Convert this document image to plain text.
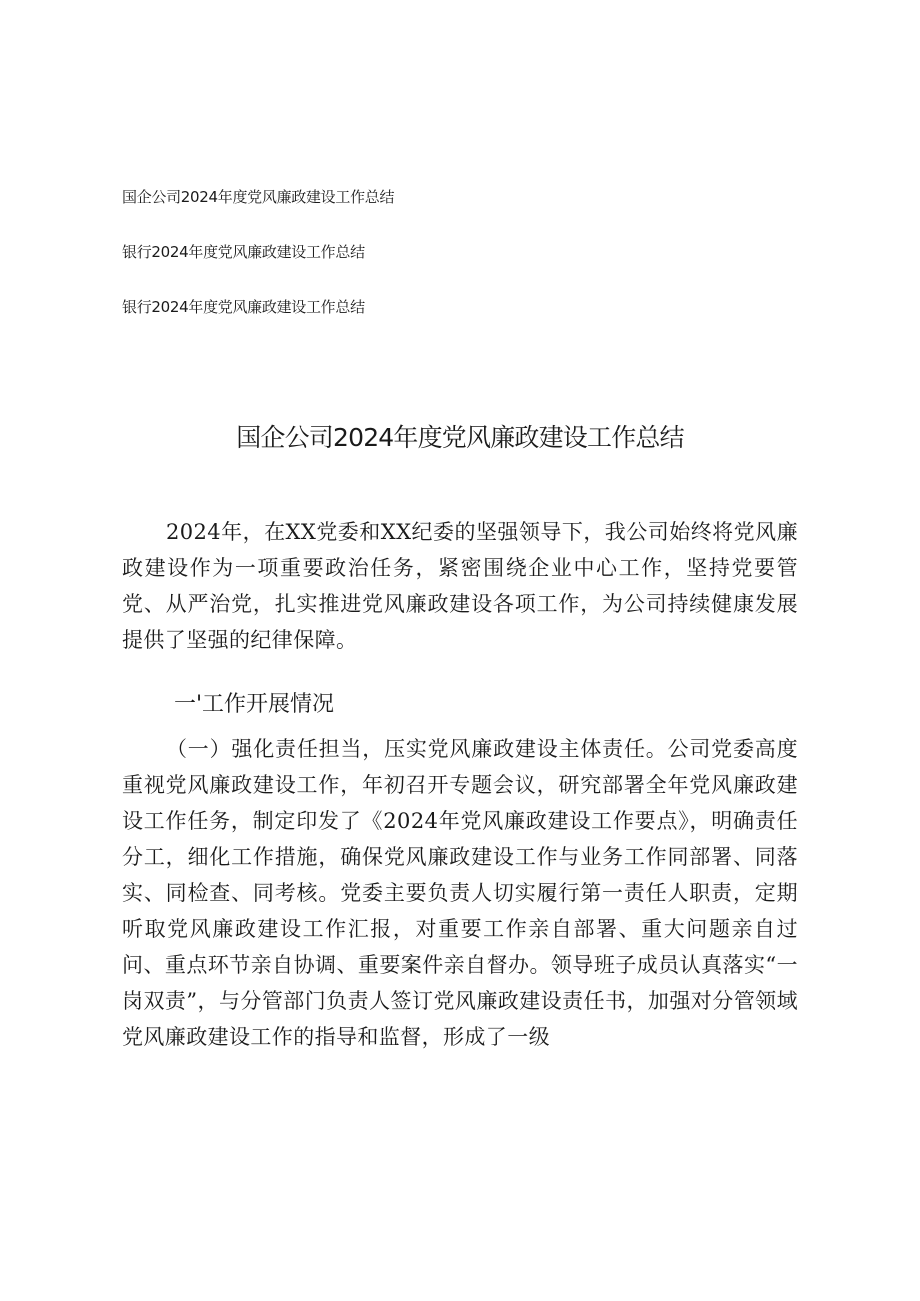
国企公司2024年度党风廉政建设工作总结
银行2024年度党风廉政建设工作总结
银行2024年度党风廉政建设工作总结
国企公司2024年度党风廉政建设工作总结

2024年，在XX党委和XX纪委的坚强领导下，我公司始终将党风廉政建设作为一项重要政治任务，紧密围绕企业中心工作，坚持党要管党、从严治党，扎实推进党风廉政建设各项工作，为公司持续健康发展提供了坚强的纪律保障。

一'工作开展情况

（一）强化责任担当，压实党风廉政建设主体责任。公司党委高度重视党风廉政建设工作，年初召开专题会议，研究部署全年党风廉政建设工作任务，制定印发了《2024年党风廉政建设工作要点》，明确责任分工，细化工作措施，确保党风廉政建设工作与业务工作同部署、同落实、同检查、同考核。党委主要负责人切实履行第一责任人职责，定期听取党风廉政建设工作汇报，对重要工作亲自部署、重大问题亲自过问、重点环节亲自协调、重要案件亲自督办。领导班子成员认真落实“一岗双责”，与分管部门负责人签订党风廉政建设责任书，加强对分管领域党风廉政建设工作的指导和监督，形成了一级
